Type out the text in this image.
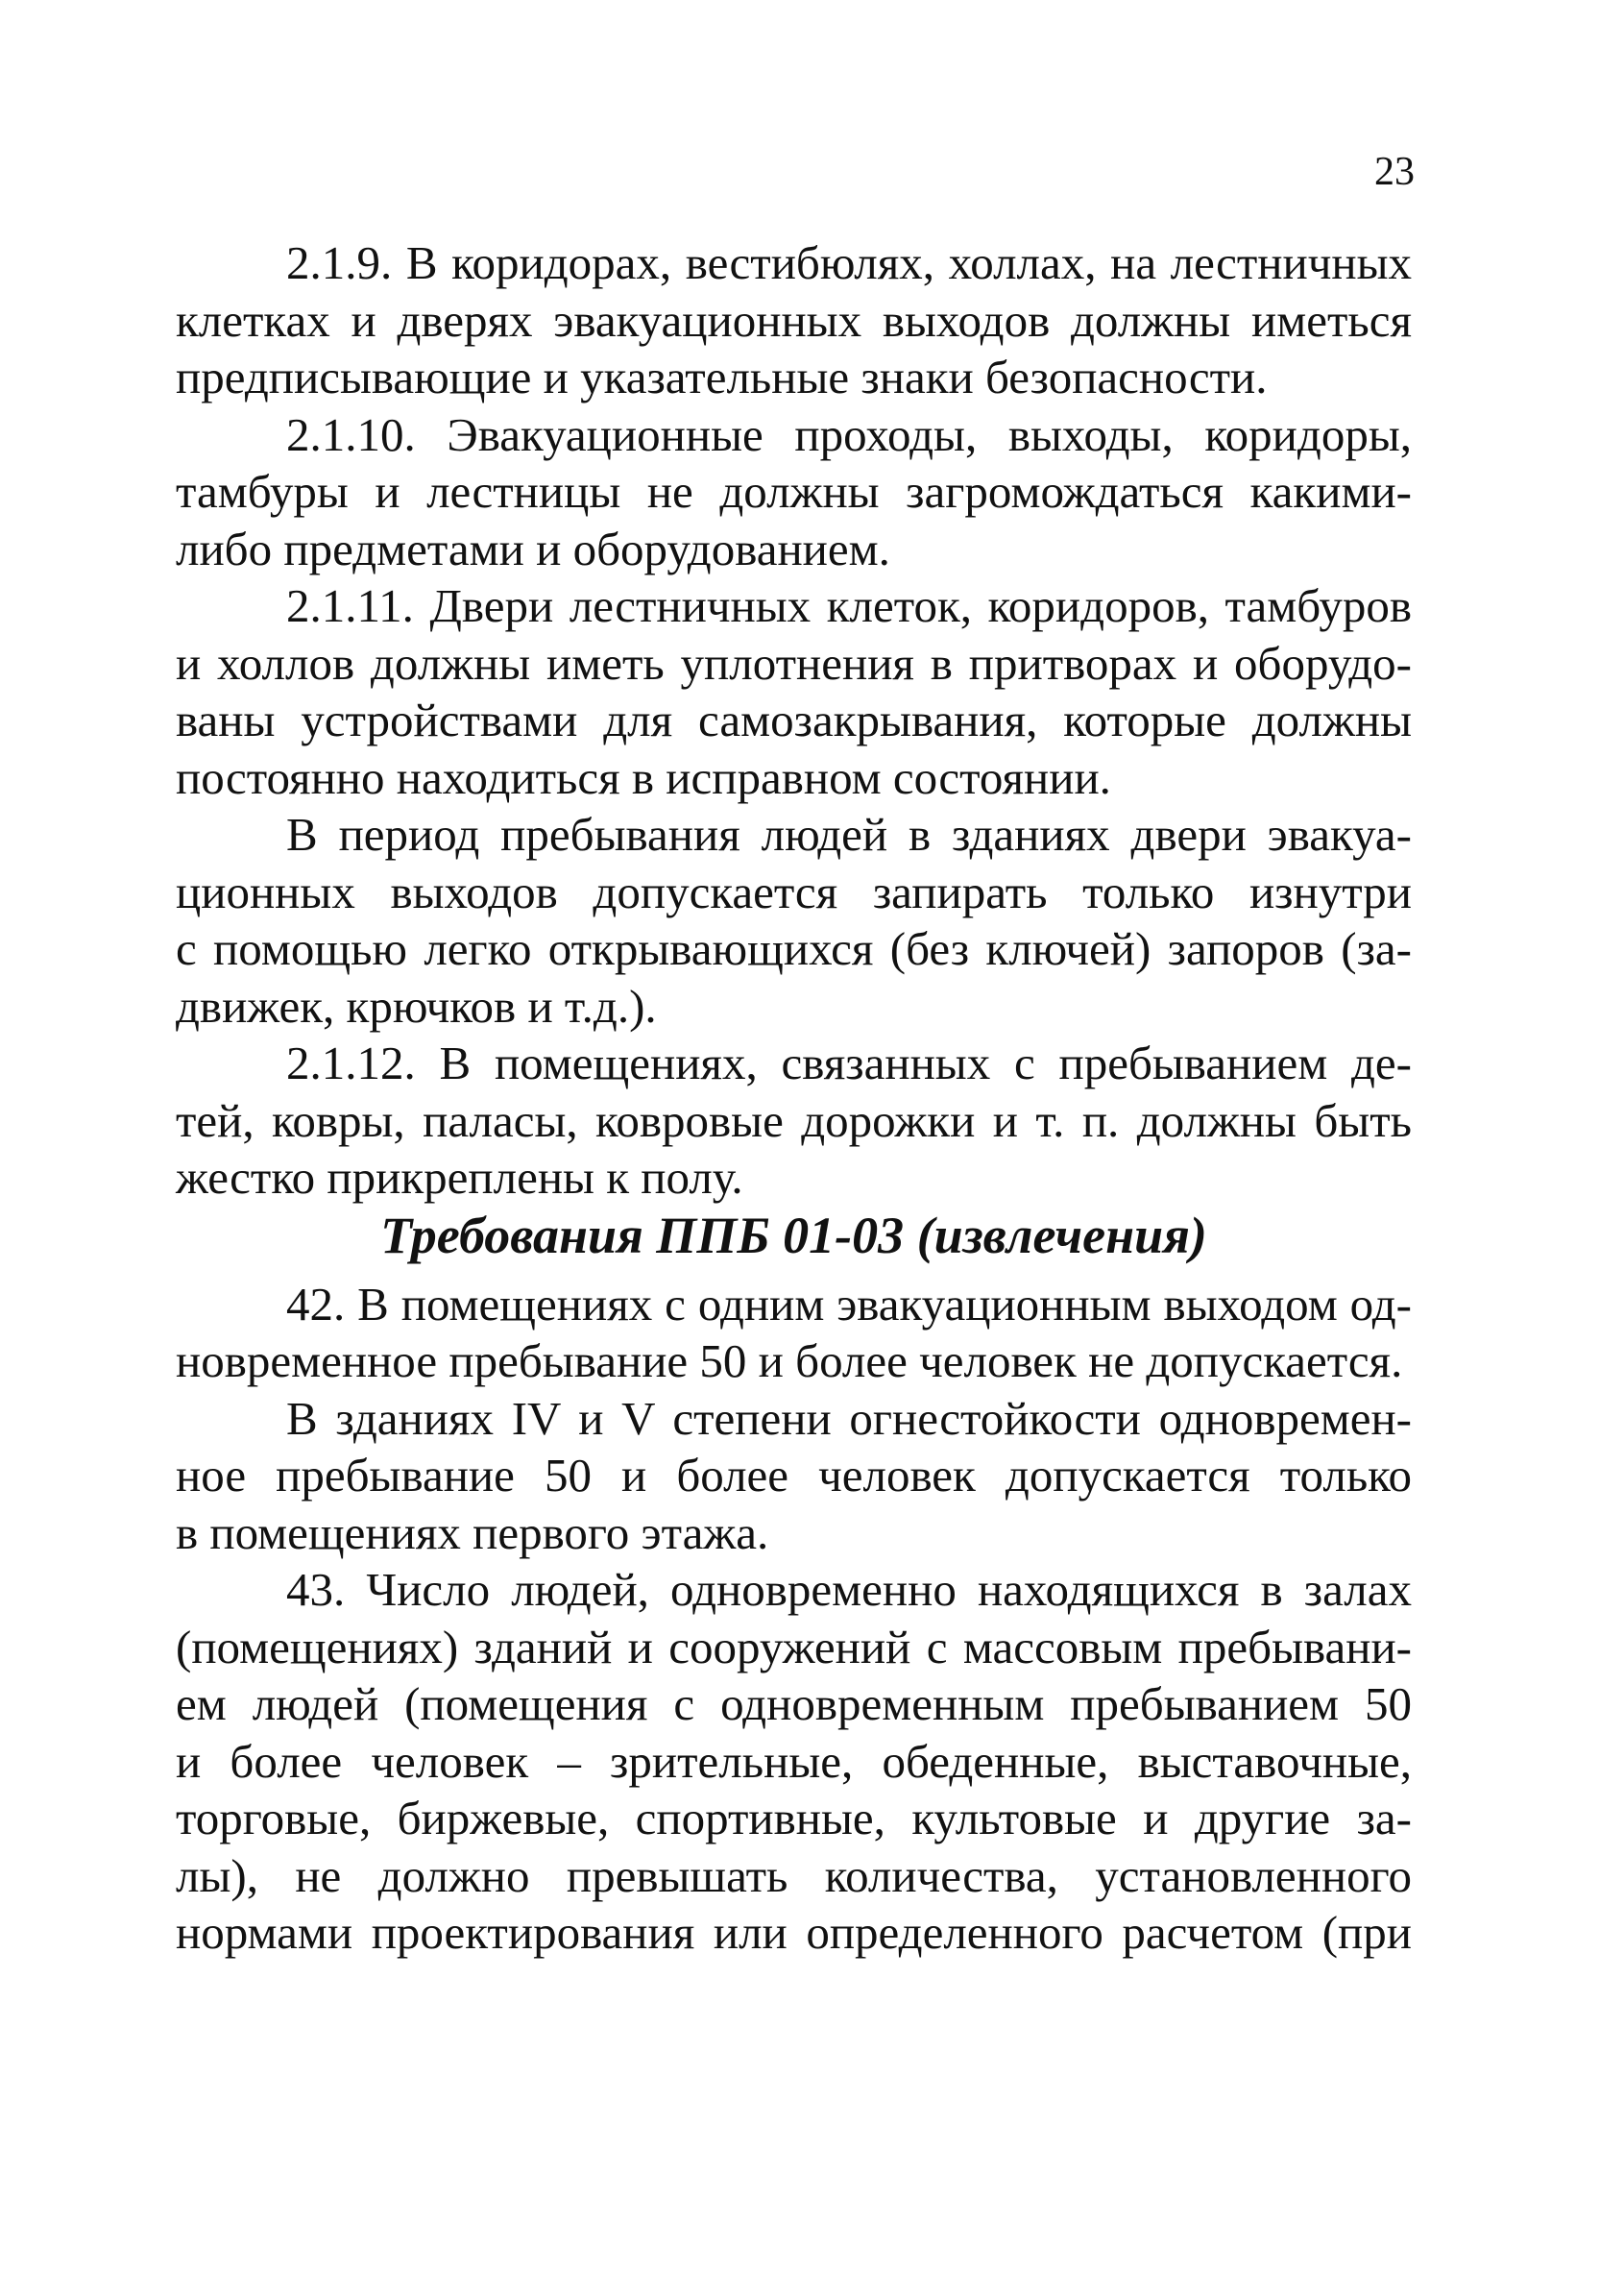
23
2.1.9. В коридорах, вестибюлях, холлах, на лестничных
клетках и дверях эвакуационных выходов должны иметься
предписывающие и указательные знаки безопасности.
2.1.10. Эвакуационные проходы, выходы, коридоры,
тамбуры и лестницы не должны загромождаться какими-
либо предметами и оборудованием.
2.1.11. Двери лестничных клеток, коридоров, тамбуров
и холлов должны иметь уплотнения в притворах и оборудо-
ваны устройствами для самозакрывания, которые должны
постоянно находиться в исправном состоянии.
В период пребывания людей в зданиях двери эвакуа-
ционных выходов допускается запирать только изнутри
с помощью легко открывающихся (без ключей) запоров (за-
движек, крючков и т.д.).
2.1.12. В помещениях, связанных с пребыванием де-
тей, ковры, паласы, ковровые дорожки и т. п. должны быть
жестко прикреплены к полу.
Требования ППБ 01-03 (извлечения)
42. В помещениях с одним эвакуационным выходом од-
новременное пребывание 50 и более человек не допускается.
В зданиях IV и V степени огнестойкости одновремен-
ное пребывание 50 и более человек допускается только
в помещениях первого этажа.
43. Число людей, одновременно находящихся в залах
(помещениях) зданий и сооружений с массовым пребывани-
ем людей (помещения с одновременным пребыванием 50
и более человек – зрительные, обеденные, выставочные,
торговые, биржевые, спортивные, культовые и другие за-
лы), не должно превышать количества, установленного
нормами проектирования или определенного расчетом (при
